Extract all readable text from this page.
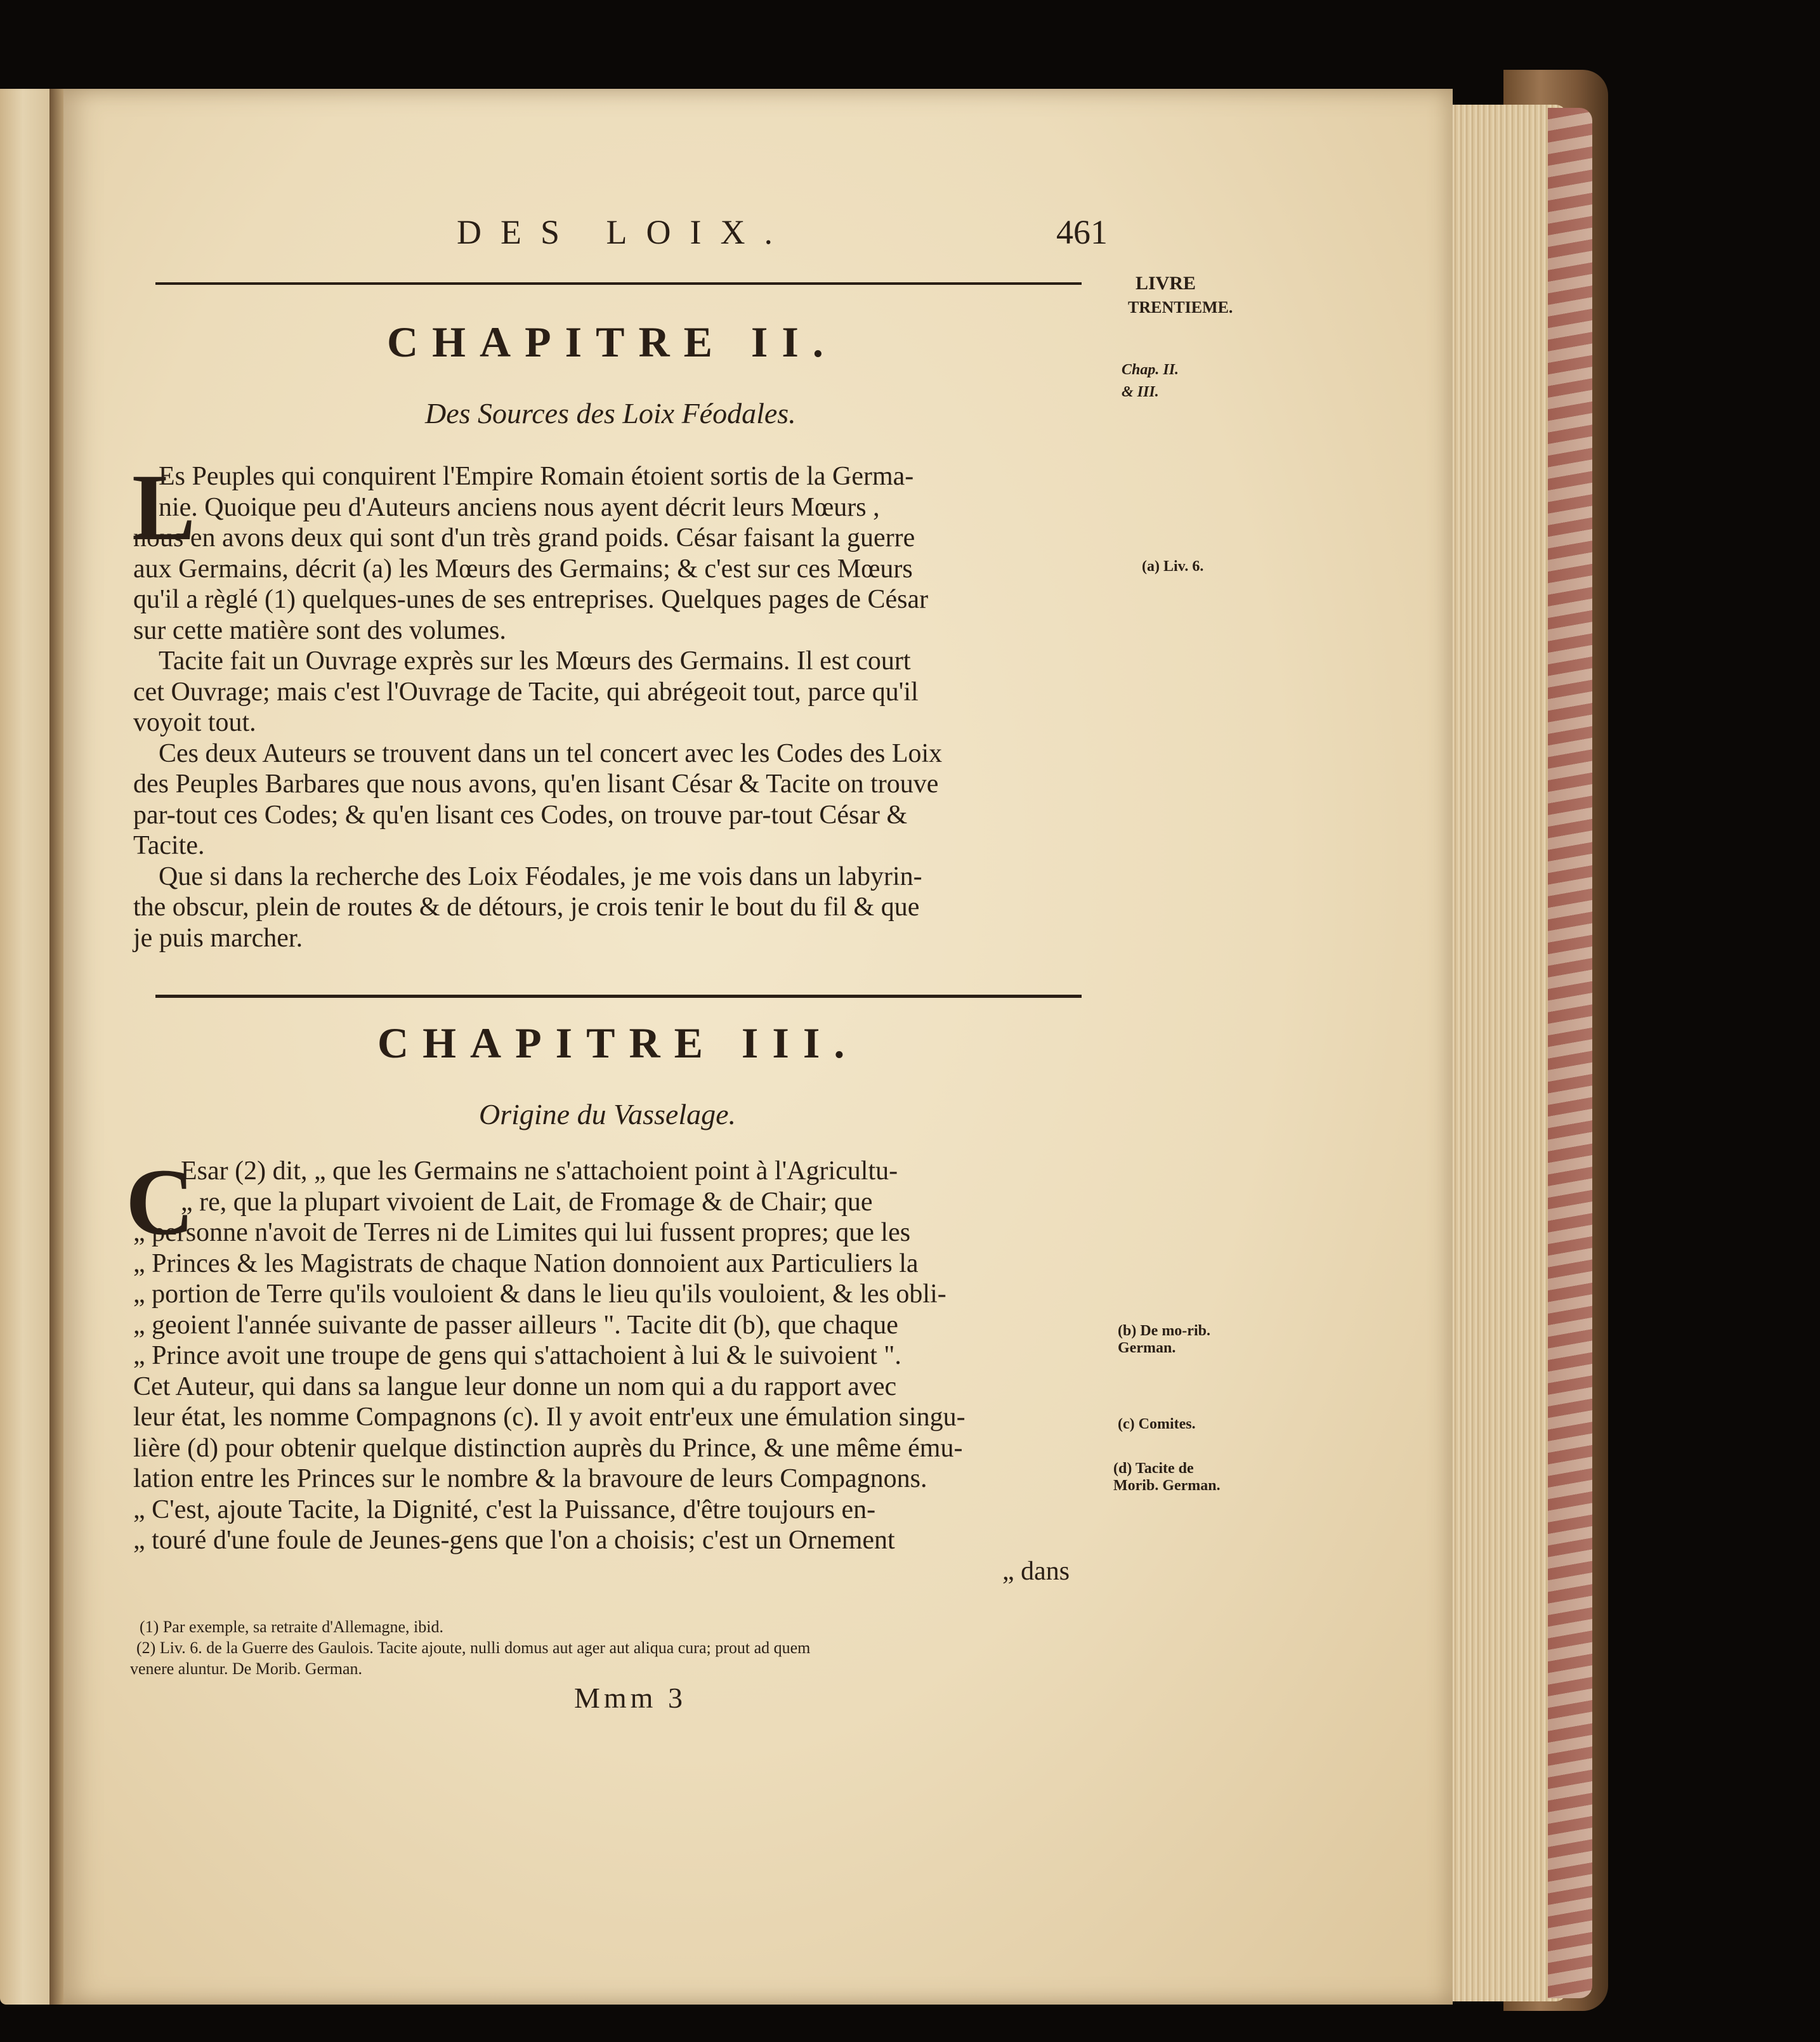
DES LOIX.	461
LIVRE
TRENTIEME.
Chap. II.
& III.
CHAPITRE II.
Des Sources des Loix Féodales.
L
Es Peuples qui conquirent l'Empire Romain étoient sortis de la Germa-
nie. Quoique peu d'Auteurs anciens nous ayent décrit leurs Mœurs ,
nous en avons deux qui sont d'un très grand poids. César faisant la guerre
aux Germains, décrit (a) les Mœurs des Germains; & c'est sur ces Mœurs
qu'il a règlé (1) quelques-unes de ses entreprises. Quelques pages de César
sur cette matière sont des volumes.
Tacite fait un Ouvrage exprès sur les Mœurs des Germains. Il est court
cet Ouvrage; mais c'est l'Ouvrage de Tacite, qui abrégeoit tout, parce qu'il
voyoit tout.
Ces deux Auteurs se trouvent dans un tel concert avec les Codes des Loix
des Peuples Barbares que nous avons, qu'en lisant César & Tacite on trouve
par-tout ces Codes; & qu'en lisant ces Codes, on trouve par-tout César &
Tacite.
Que si dans la recherche des Loix Féodales, je me vois dans un labyrin-
the obscur, plein de routes & de détours, je crois tenir le bout du fil & que
je puis marcher.
(a) Liv. 6.
CHAPITRE III.
Origine du Vasselage.
C
Esar (2) dit, „ que les Germains ne s'attachoient point à l'Agricultu-
„ re, que la plupart vivoient de Lait, de Fromage & de Chair; que
„ personne n'avoit de Terres ni de Limites qui lui fussent propres; que les
„ Princes & les Magistrats de chaque Nation donnoient aux Particuliers la
„ portion de Terre qu'ils vouloient & dans le lieu qu'ils vouloient, & les obli-
„ geoient l'année suivante de passer ailleurs ". Tacite dit (b), que chaque
„ Prince avoit une troupe de gens qui s'attachoient à lui & le suivoient ".
Cet Auteur, qui dans sa langue leur donne un nom qui a du rapport avec
leur état, les nomme Compagnons (c). Il y avoit entr'eux une émulation singu-
lière (d) pour obtenir quelque distinction auprès du Prince, & une même ému-
lation entre les Princes sur le nombre & la bravoure de leurs Compagnons.
„ C'est, ajoute Tacite, la Dignité, c'est la Puissance, d'être toujours en-
„ touré d'une foule de Jeunes-gens que l'on a choisis; c'est un Ornement
„ dans
(b) De mo-rib. German.
(c) Comites.
(d) Tacite de Morib. German.
(1) Par exemple, sa retraite d'Allemagne, ibid.
(2) Liv. 6. de la Guerre des Gaulois. Tacite ajoute, nulli domus aut ager aut aliqua cura; prout ad quem
venere aluntur. De Morib. German.
Mmm 3
